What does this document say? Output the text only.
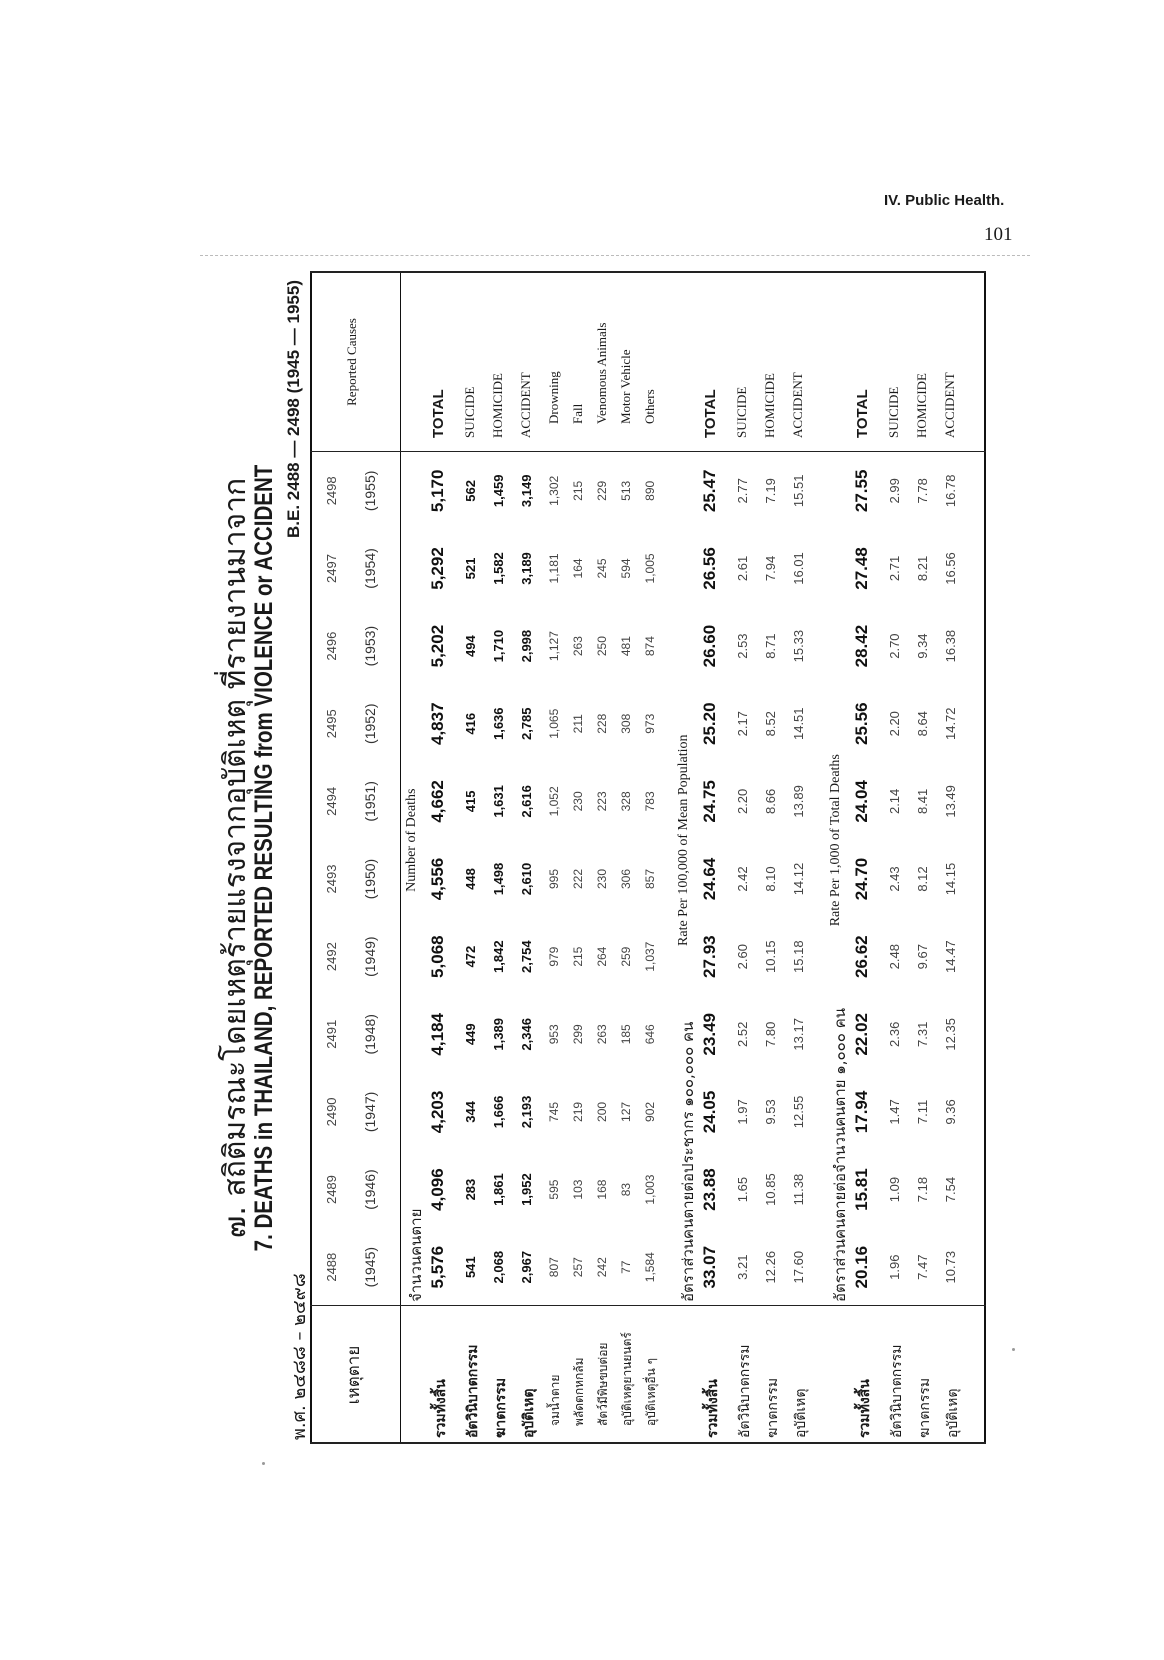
IV. Public Health.
101
๗. สถิติมรณะโดยเหตุร้ายแรงจากอุบัติเหตุ ที่รายงานมาจาก
7. DEATHS in THAILAND, REPORTED RESULTING from VIOLENCE or ACCIDENT
พ.ศ. ๒๔๘๘ – ๒๔๙๘
B.E. 2488 — 2498 (1945 — 1955)
เหตุตาย
Reported Causes
2488 (1945)
2489 (1946)
2490 (1947)
2491 (1948)
2492 (1949)
2493 (1950)
2494 (1951)
2495 (1952)
2496 (1953)
2497 (1954)
2498 (1955)
จำนวนคนตาย
Number of Deaths
รวมทั้งสิ้น
5,576
4,096
4,203
4,184
5,068
4,556
4,662
4,837
5,202
5,292
5,170
TOTAL
อัตวินิบาตกรรม
541
283
344
449
472
448
415
416
494
521
562
SUICIDE
ฆาตกรรม
2,068
1,861
1,666
1,389
1,842
1,498
1,631
1,636
1,710
1,582
1,459
HOMICIDE
อุบัติเหตุ
2,967
1,952
2,193
2,346
2,754
2,610
2,616
2,785
2,998
3,189
3,149
ACCIDENT
จมน้ำตาย
807
595
745
953
979
995
1,052
1,065
1,127
1,181
1,302
Drowning
พลัดตกหกล้ม
257
103
219
299
215
222
230
211
263
164
215
Fall
สัตว์มีพิษขบต่อย
242
168
200
263
264
230
223
228
250
245
229
Venomous Animals
อุบัติเหตุยานยนตร์
77
83
127
185
259
306
328
308
481
594
513
Motor Vehicle
อุบัติเหตุอื่น ๆ
1,584
1,003
902
646
1,037
857
783
973
874
1,005
890
Others
อัตราส่วนคนตายต่อประชากร ๑๐๐,๐๐๐ คน
Rate Per 100,000 of Mean Population
รวมทั้งสิ้น
33.07
23.88
24.05
23.49
27.93
24.64
24.75
25.20
26.60
26.56
25.47
TOTAL
อัตวินิบาตกรรม
3.21
1.65
1.97
2.52
2.60
2.42
2.20
2.17
2.53
2.61
2.77
SUICIDE
ฆาตกรรม
12.26
10.85
9.53
7.80
10.15
8.10
8.66
8.52
8.71
7.94
7.19
HOMICIDE
อุบัติเหตุ
17.60
11.38
12.55
13.17
15.18
14.12
13.89
14.51
15.33
16.01
15.51
ACCIDENT
อัตราส่วนคนตายต่อจำนวนคนตาย ๑,๐๐๐ คน
Rate Per 1,000 of Total Deaths
รวมทั้งสิ้น
20.16
15.81
17.94
22.02
26.62
24.70
24.04
25.56
28.42
27.48
27.55
TOTAL
อัตวินิบาตกรรม
1.96
1.09
1.47
2.36
2.48
2.43
2.14
2.20
2.70
2.71
2.99
SUICIDE
ฆาตกรรม
7.47
7.18
7.11
7.31
9.67
8.12
8.41
8.64
9.34
8.21
7.78
HOMICIDE
อุบัติเหตุ
10.73
7.54
9.36
12.35
14.47
14.15
13.49
14.72
16.38
16.56
16.78
ACCIDENT
